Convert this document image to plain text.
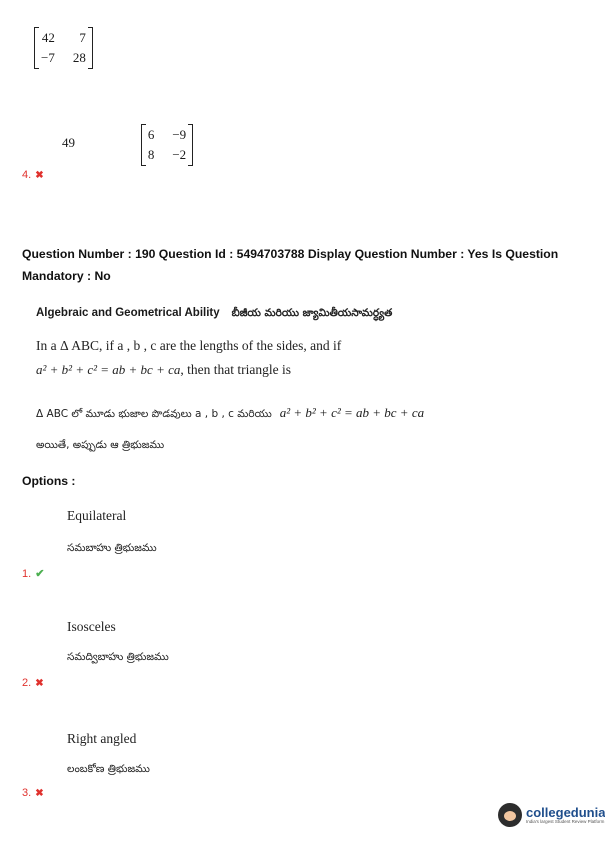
42	7
−7 28

49
6 −9
8 −2
4. ✖
Question Number : 190 Question Id : 5494703788 Display Question Number : Yes Is Question
Mandatory : No
Algebraic and Geometrical Ability బీజీయ మరియు జ్యామితీయసామర్ధ్యత
In a Δ ABC, if a , b , c are the lengths of the sides, and if
a² + b² + c² = ab + bc + ca, then that triangle is
Δ ABC లో మూడు భుజాల పొడవులు a , b , c మరియు a² + b² + c² = ab + bc + ca
అయితే, అప్పుడు ఆ త్రిభుజము
Options :
Equilateral
సమబాహు త్రిభుజము
1. ✔
Isosceles
సమద్విబాహు త్రిభుజము
2. ✖
Right angled
లంబకోణ త్రిభుజము
3. ✖
collegedunia
India's largest Student Review Platform
